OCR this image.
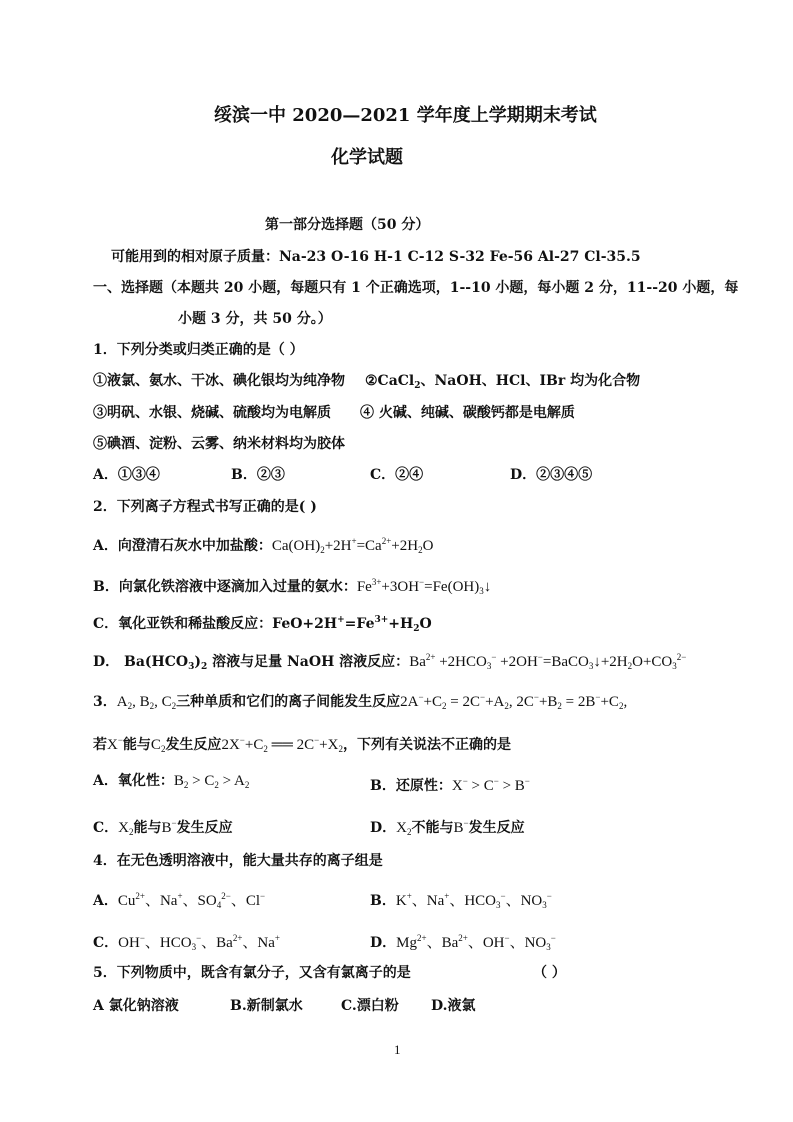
绥滨一中 2020—2021 学年度上学期期末考试
化学试题
第一部分选择题（50 分）
可能用到的相对原子质量：Na-23 O-16 H-1 C-12 S-32 Fe-56 Al-27 Cl-35.5
一、选择题（本题共 20 小题，每题只有 1 个正确选项，1--10 小题，每小题 2 分，11--20 小题，每
小题 3 分，共 50 分。）
1．下列分类或归类正确的是（ ）
①液氯、氨水、干冰、碘化银均为纯净物 ②CaCl$_2$、NaOH、HCl、IBr 均为化合物
③明矾、水银、烧碱、硫酸均为电解质 ④ 火碱、纯碱、碳酸钙都是电解质
⑤碘酒、淀粉、云雾、纳米材料均为胶体
A．①③④	B．②③	C．②④	D．②③④⑤
2．下列离子方程式书写正确的是( )
A．向澄清石灰水中加盐酸：$Ca(OH)_2+2H^+=Ca^{2+}+2H_2O$
B．向氯化铁溶液中逐滴加入过量的氨水：$Fe^{3+}+3OH^-=Fe(OH)_3↓$
C．氧化亚铁和稀盐酸反应：$FeO+2H^+=Fe^{3+}+H_2O$
D． $Ba(HCO_3)_2$ 溶液与足量 NaOH 溶液反应：$Ba^{2+} +2HCO_3^-$ $+2OH^-=BaCO_3↓+2H_2O+CO_3^{2-}$
3．$A_2$, $B_2$, $C_2$三种单质和它们的离子间能发生反应$2A^-+C_2 = 2C^-+A_2$, $2C^-+B_2 = 2B^-+C_2$,
若X−能与$C_2$发生反应$2X^-+C_2$ ══ $2C^-+X_2$，下列有关说法不正确的是
A．氧化性：$B_2 > C_2 > A_2$	B．还原性：X− > C− > B−
C．$X_2$能与B−发生反应	D．$X_2$不能与B−发生反应
4．在无色透明溶液中，能大量共存的离子组是
A．$Cu^{2+}$、Na+、$SO_4^{2-}$、Cl−	B．K+、Na+、$HCO_3^-$、$NO_3^-$
C．OH−、$HCO_3^-$、$Ba^{2+}$、Na+	D．$Mg^{2+}$、$Ba^{2+}$、OH−、$NO_3^-$
5．下列物质中，既含有氯分子，又含有氯离子的是	（ ）
A 氯化钠溶液	B.新制氯水	C.漂白粉 D.液氯
1
